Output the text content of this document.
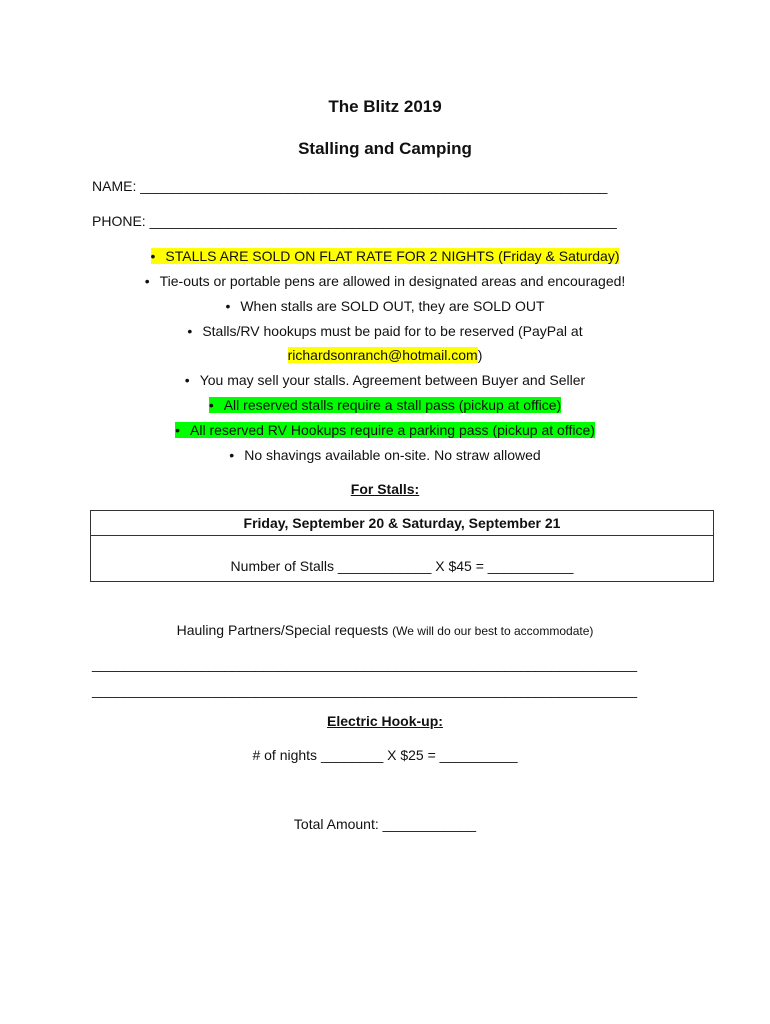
The Blitz 2019
Stalling and Camping
NAME: ____________________________________________________________
PHONE: ____________________________________________________________
• STALLS ARE SOLD ON FLAT RATE FOR 2 NIGHTS (Friday & Saturday)
• Tie-outs or portable pens are allowed in designated areas and encouraged!
• When stalls are SOLD OUT, they are SOLD OUT
• Stalls/RV hookups must be paid for to be reserved (PayPal at
richardsonranch@hotmail.com)
• You may sell your stalls. Agreement between Buyer and Seller
• All reserved stalls require a stall pass (pickup at office)
• All reserved RV Hookups require a parking pass (pickup at office)
• No shavings available on-site. No straw allowed
For Stalls:
Friday, September 20 & Saturday, September 21
Number of Stalls ____________ X $45 = ___________
Hauling Partners/Special requests (We will do our best to accommodate)
______________________________________________________________________
______________________________________________________________________
Electric Hook-up:
# of nights ________ X $25 = __________
Total Amount: ____________
